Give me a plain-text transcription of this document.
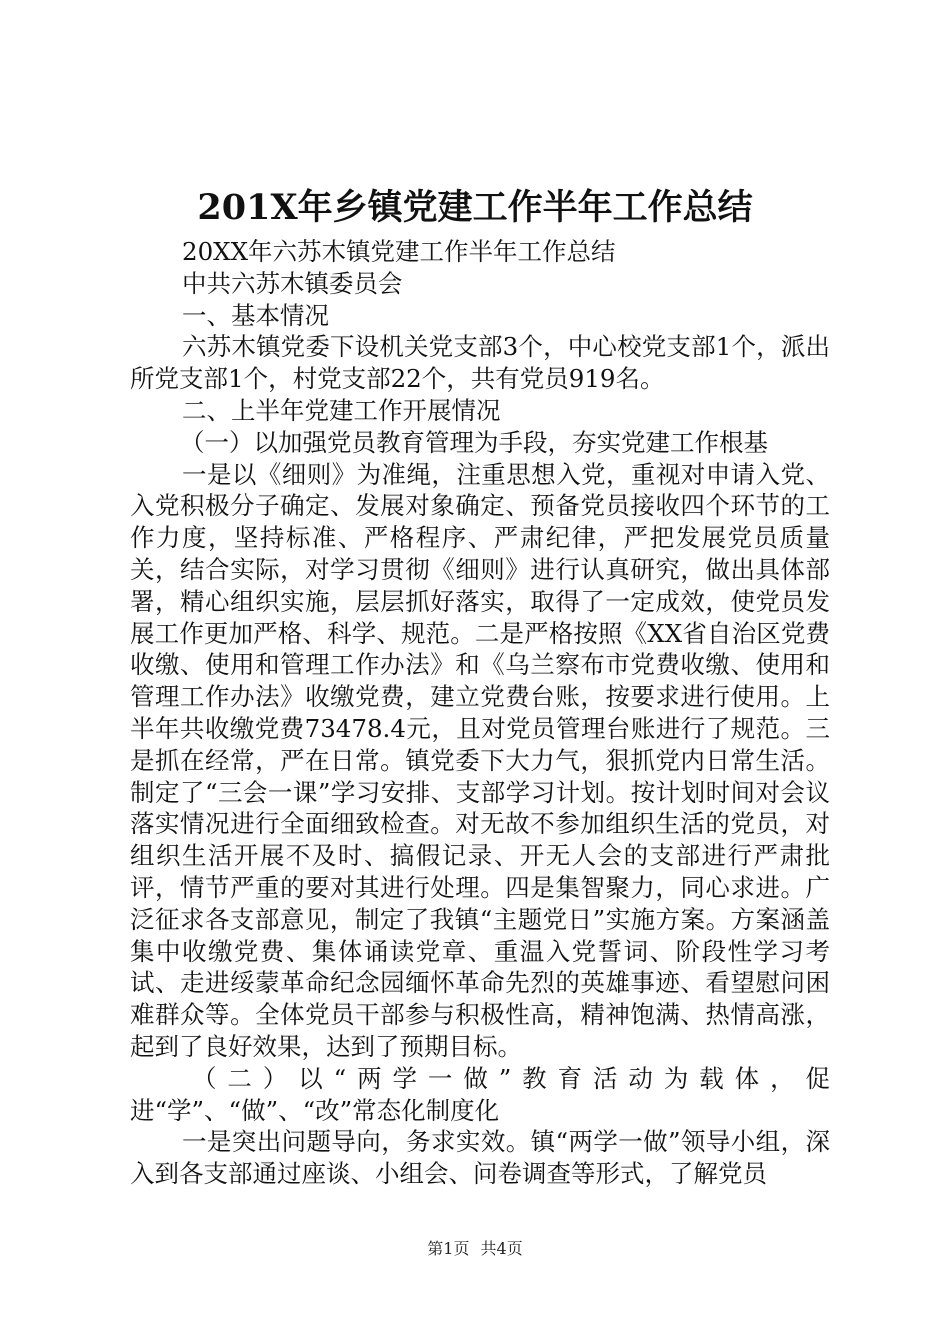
201X年乡镇党建工作半年工作总结

20XX年六苏木镇党建工作半年工作总结

中共六苏木镇委员会

一、基本情况

六苏木镇党委下设机关党支部3个，中心校党支部1个，派出所党支部1个，村党支部22个，共有党员919名。

二、上半年党建工作开展情况

（一）以加强党员教育管理为手段，夯实党建工作根基

一是以《细则》为准绳，注重思想入党，重视对申请入党、入党积极分子确定、发展对象确定、预备党员接收四个环节的工作力度，坚持标准、严格程序、严肃纪律，严把发展党员质量关，结合实际，对学习贯彻《细则》进行认真研究，做出具体部署，精心组织实施，层层抓好落实，取得了一定成效，使党员发展工作更加严格、科学、规范。二是严格按照《XX省自治区党费收缴、使用和管理工作办法》和《乌兰察布市党费收缴、使用和管理工作办法》收缴党费，建立党费台账，按要求进行使用。上半年共收缴党费73478.4元，且对党员管理台账进行了规范。三是抓在经常，严在日常。镇党委下大力气，狠抓党内日常生活。制定了“三会一课”学习安排、支部学习计划。按计划时间对会议落实情况进行全面细致检查。对无故不参加组织生活的党员，对组织生活开展不及时、搞假记录、开无人会的支部进行严肃批评，情节严重的要对其进行处理。四是集智聚力，同心求进。广泛征求各支部意见，制定了我镇“主题党日”实施方案。方案涵盖集中收缴党费、集体诵读党章、重温入党誓词、阶段性学习考试、走进绥蒙革命纪念园缅怀革命先烈的英雄事迹、看望慰问困难群众等。全体党员干部参与积极性高，精神饱满、热情高涨，起到了良好效果，达到了预期目标。

（二）以“两学一做”教育活动为载体，促进“学”、“做”、“改”常态化制度化

一是突出问题导向，务求实效。镇“两学一做”领导小组，深入到各支部通过座谈、小组会、问卷调查等形式，了解党员

第1页 共4页
